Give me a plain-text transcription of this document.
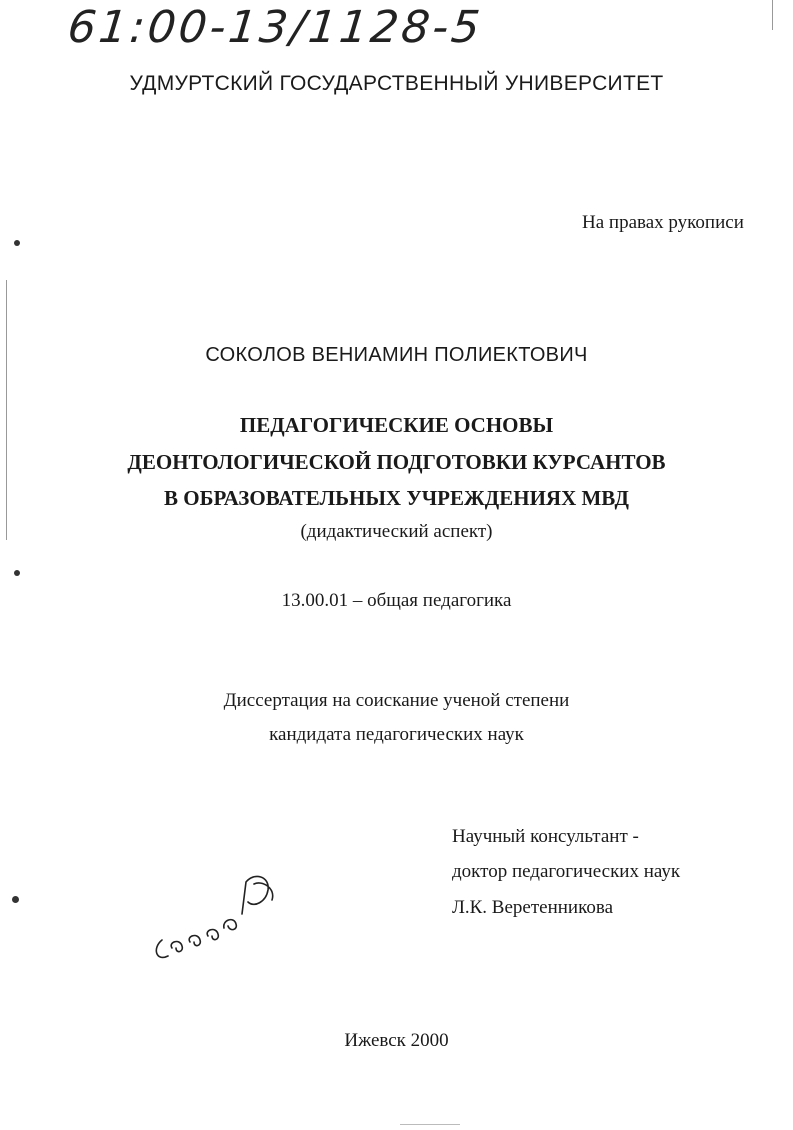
61:00-13/1128-5
УДМУРТСКИЙ ГОСУДАРСТВЕННЫЙ УНИВЕРСИТЕТ
На правах рукописи
СОКОЛОВ ВЕНИАМИН ПОЛИЕКТОВИЧ
ПЕДАГОГИЧЕСКИЕ ОСНОВЫ
ДЕОНТОЛОГИЧЕСКОЙ ПОДГОТОВКИ КУРСАНТОВ
В ОБРАЗОВАТЕЛЬНЫХ УЧРЕЖДЕНИЯХ МВД
(дидактический аспект)
13.00.01 – общая педагогика
Диссертация на соискание ученой степени
кандидата педагогических наук
Научный консультант -
доктор педагогических наук
Л.К. Веретенникова
Ижевск 2000
